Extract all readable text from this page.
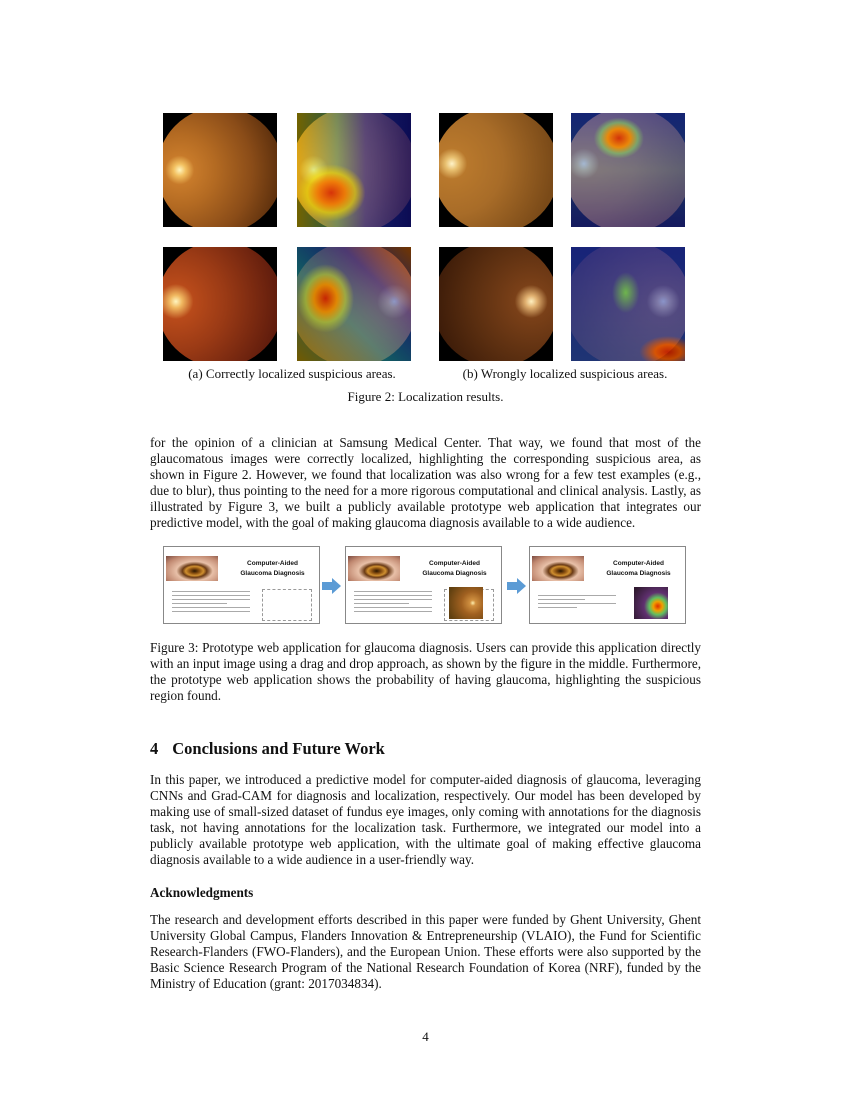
(a) Correctly localized suspicious areas.	(b) Wrongly localized suspicious areas.
Figure 2: Localization results.
for the opinion of a clinician at Samsung Medical Center. That way, we found that most of the glaucomatous images were correctly localized, highlighting the corresponding suspicious area, as shown in Figure 2. However, we found that localization was also wrong for a few test examples (e.g., due to blur), thus pointing to the need for a more rigorous computational and clinical analysis. Lastly, as illustrated by Figure 3, we built a publicly available prototype web application that integrates our predictive model, with the goal of making glaucoma diagnosis available to a wide audience.
Computer-Aided
Glaucoma Diagnosis
Computer-Aided
Glaucoma Diagnosis
Computer-Aided
Glaucoma Diagnosis
Figure 3: Prototype web application for glaucoma diagnosis. Users can provide this application directly with an input image using a drag and drop approach, as shown by the figure in the middle. Furthermore, the prototype web application shows the probability of having glaucoma, highlighting the suspicious region found.
4 Conclusions and Future Work
In this paper, we introduced a predictive model for computer-aided diagnosis of glaucoma, leveraging CNNs and Grad-CAM for diagnosis and localization, respectively. Our model has been developed by making use of small-sized dataset of fundus eye images, only coming with annotations for the diagnosis task, not having annotations for the localization task. Furthermore, we integrated our model into a publicly available prototype web application, with the ultimate goal of making effective glaucoma diagnosis available to a wide audience in a user-friendly way.
Acknowledgments
The research and development efforts described in this paper were funded by Ghent University, Ghent University Global Campus, Flanders Innovation & Entrepreneurship (VLAIO), the Fund for Scientific Research-Flanders (FWO-Flanders), and the European Union. These efforts were also supported by the Basic Science Research Program of the National Research Foundation of Korea (NRF), funded by the Ministry of Education (grant: 2017034834).
4
